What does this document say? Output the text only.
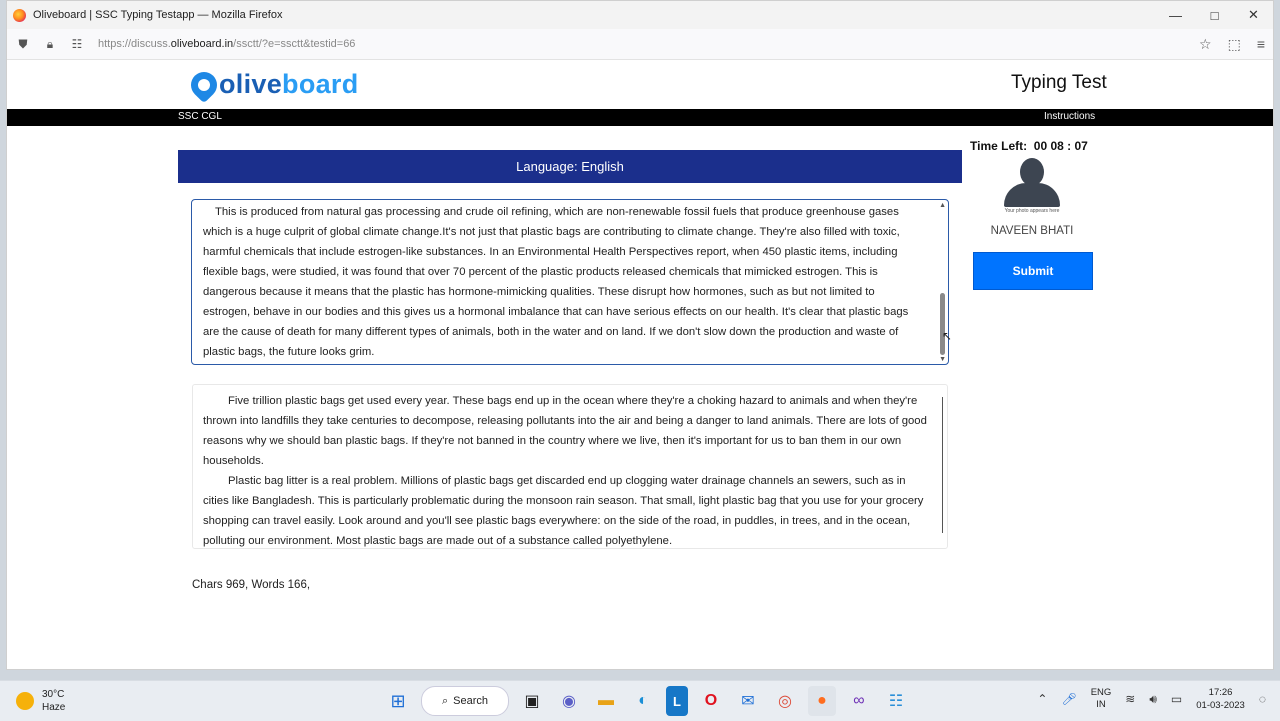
Oliveboard | SSC Typing Testapp — Mozilla Firefox	—	□	✕
⛊	🔒︎	☷	https://discuss.oliveboard.in/ssctt/?e=ssctt&testid=66	☆ ⬚ ≡
oliveboard	Typing Test
SSC CGL	Instructions
Language: English

This is produced from natural gas processing and crude oil refining, which are non-renewable fossil fuels that produce greenhouse gases which is a huge culprit of global climate change.It's not just that plastic bags are contributing to climate change. They're also filled with toxic, harmful chemicals that include estrogen-like substances. In an Environmental Health Perspectives report, when 450 plastic items, including flexible bags, were studied, it was found that over 70 percent of the plastic products released chemicals that mimicked estrogen. This is dangerous because it means that the plastic has hormone-mimicking qualities. These disrupt how hormones, such as but not limited to estrogen, behave in our bodies and this gives us a hormonal imbalance that can have serious effects on our health. It's clear that plastic bags are the cause of death for many different types of animals, both in the water and on land. If we don't slow down the production and waste of plastic bags, the future looks grim.

▲
▼
↖

Five trillion plastic bags get used every year. These bags end up in the ocean where they're a choking hazard to animals and when they're thrown into landfills they take centuries to decompose, releasing pollutants into the air and being a danger to land animals. There are lots of good reasons why we should ban plastic bags. If they're not banned in the country where we live, then it's important for us to ban them in our own households.

Plastic bag litter is a real problem. Millions of plastic bags get discarded end up clogging water drainage channels an sewers, such as in cities like Bangladesh. This is particularly problematic during the monsoon rain season. That small, light plastic bag that you use for your grocery shopping can travel easily. Look around and you'll see plastic bags everywhere: on the side of the road, in puddles, in trees, and in the ocean, polluting our environment. Most plastic bags are made out of a substance called polyethylene.

Chars 969, Words 166,
Time Left: 00 08 : 07
Your photo appears here
NAVEEN BHATI
Submit
30°C
Haze	⊞	⌕ Search	▣	◉	▬	◐	L	O	✉	◎	●	∞	☷	⌃ 🎤︎ ENG
IN	≋ 🔊︎ ▭	17:26
01-03-2023 ◌
